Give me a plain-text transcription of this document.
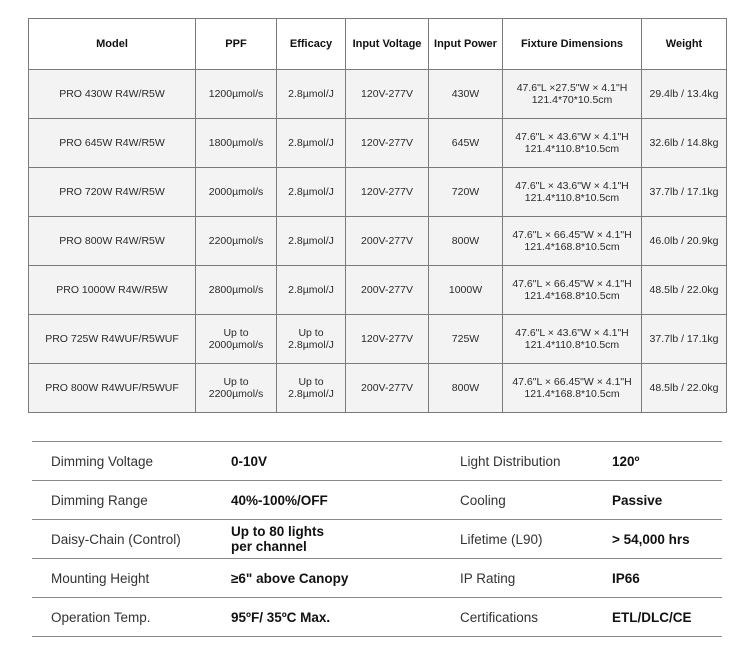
Model	PPF	Efficacy	Input Voltage	Input Power	Fixture Dimensions	Weight
PRO 430W R4W/R5W	1200µmol/s	2.8µmol/J	120V-277V	430W	47.6"L ×27.5"W × 4.1"H
121.4*70*10.5cm	29.4lb / 13.4kg
PRO 645W R4W/R5W	1800µmol/s	2.8µmol/J	120V-277V	645W	47.6"L × 43.6"W × 4.1"H
121.4*110.8*10.5cm	32.6lb / 14.8kg
PRO 720W R4W/R5W	2000µmol/s	2.8µmol/J	120V-277V	720W	47.6"L × 43.6"W × 4.1"H
121.4*110.8*10.5cm	37.7lb / 17.1kg
PRO 800W R4W/R5W	2200µmol/s	2.8µmol/J	200V-277V	800W	47.6"L × 66.45"W × 4.1"H
121.4*168.8*10.5cm	46.0lb / 20.9kg
PRO 1000W R4W/R5W	2800µmol/s	2.8µmol/J	200V-277V	1000W	47.6"L × 66.45"W × 4.1"H
121.4*168.8*10.5cm	48.5lb / 22.0kg
PRO 725W R4WUF/R5WUF	Up to
2000µmol/s	Up to
2.8µmol/J	120V-277V	725W	47.6"L × 43.6"W × 4.1"H
121.4*110.8*10.5cm	37.7lb / 17.1kg
PRO 800W R4WUF/R5WUF	Up to
2200µmol/s	Up to
2.8µmol/J	200V-277V	800W	47.6"L × 66.45"W × 4.1"H
121.4*168.8*10.5cm	48.5lb / 22.0kg
Dimming Voltage	0-10V	Light Distribution	120º
Dimming Range	40%-100%/OFF	Cooling	Passive
Daisy-Chain (Control)	Up to 80 lights
per channel	Lifetime (L90)	> 54,000 hrs
Mounting Height	≥6" above Canopy	IP Rating	IP66
Operation Temp.	95ºF/ 35ºC Max.	Certifications	ETL/DLC/CE
